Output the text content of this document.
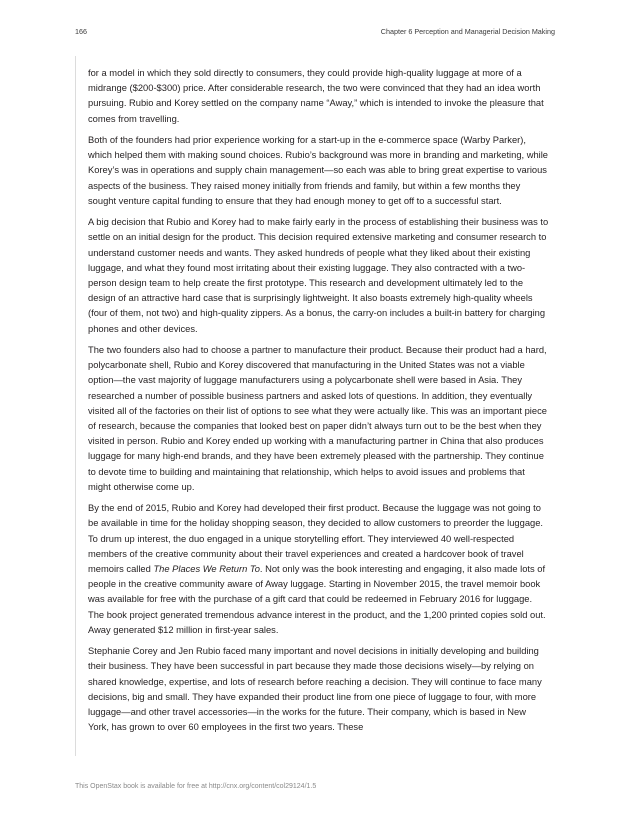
166	Chapter 6 Perception and Managerial Decision Making

for a model in which they sold directly to consumers, they could provide high-quality luggage at more of a midrange ($200-$300) price. After considerable research, the two were convinced that they had an idea worth pursuing. Rubio and Korey settled on the company name “Away,” which is intended to invoke the pleasure that comes from travelling.

Both of the founders had prior experience working for a start-up in the e-commerce space (Warby Parker), which helped them with making sound choices. Rubio’s background was more in branding and marketing, while Korey’s was in operations and supply chain management—so each was able to bring great expertise to various aspects of the business. They raised money initially from friends and family, but within a few months they sought venture capital funding to ensure that they had enough money to get off to a successful start.

A big decision that Rubio and Korey had to make fairly early in the process of establishing their business was to settle on an initial design for the product. This decision required extensive marketing and consumer research to understand customer needs and wants. They asked hundreds of people what they liked about their existing luggage, and what they found most irritating about their existing luggage. They also contracted with a two-person design team to help create the first prototype. This research and development ultimately led to the design of an attractive hard case that is surprisingly lightweight. It also boasts extremely high-quality wheels (four of them, not two) and high-quality zippers. As a bonus, the carry-on includes a built-in battery for charging phones and other devices.

The two founders also had to choose a partner to manufacture their product. Because their product had a hard, polycarbonate shell, Rubio and Korey discovered that manufacturing in the United States was not a viable option—the vast majority of luggage manufacturers using a polycarbonate shell were based in Asia. They researched a number of possible business partners and asked lots of questions. In addition, they eventually visited all of the factories on their list of options to see what they were actually like. This was an important piece of research, because the companies that looked best on paper didn’t always turn out to be the best when they visited in person. Rubio and Korey ended up working with a manufacturing partner in China that also produces luggage for many high-end brands, and they have been extremely pleased with the partnership. They continue to devote time to building and maintaining that relationship, which helps to avoid issues and problems that might otherwise come up.

By the end of 2015, Rubio and Korey had developed their first product. Because the luggage was not going to be available in time for the holiday shopping season, they decided to allow customers to preorder the luggage. To drum up interest, the duo engaged in a unique storytelling effort. They interviewed 40 well-respected members of the creative community about their travel experiences and created a hardcover book of travel memoirs called The Places We Return To. Not only was the book interesting and engaging, it also made lots of people in the creative community aware of Away luggage. Starting in November 2015, the travel memoir book was available for free with the purchase of a gift card that could be redeemed in February 2016 for luggage. The book project generated tremendous advance interest in the product, and the 1,200 printed copies sold out. Away generated $12 million in first-year sales.

Stephanie Corey and Jen Rubio faced many important and novel decisions in initially developing and building their business. They have been successful in part because they made those decisions wisely—by relying on shared knowledge, expertise, and lots of research before reaching a decision. They will continue to face many decisions, big and small. They have expanded their product line from one piece of luggage to four, with more luggage—and other travel accessories—in the works for the future. Their company, which is based in New York, has grown to over 60 employees in the first two years. These

This OpenStax book is available for free at http://cnx.org/content/col29124/1.5
